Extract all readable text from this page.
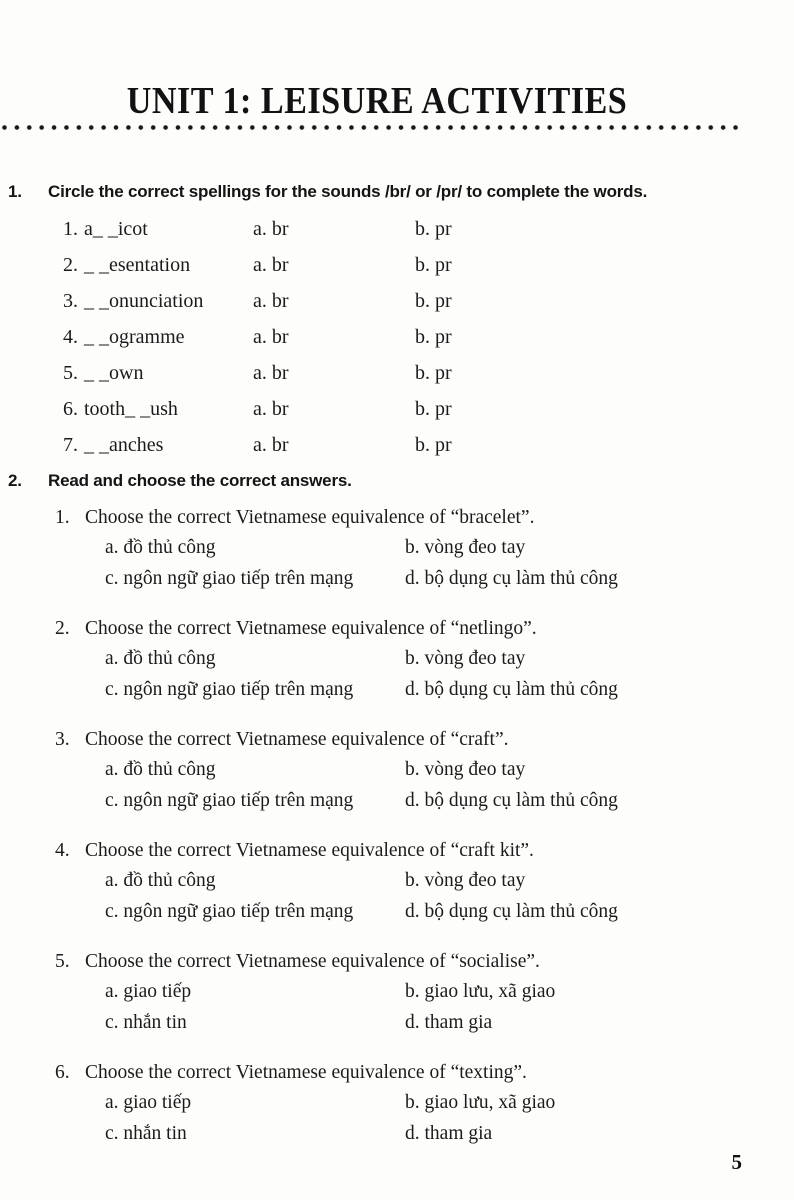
UNIT 1: LEISURE ACTIVITIES
1.	Circle the correct spellings for the sounds /br/ or /pr/ to complete the words.
1. a_ _icot	a. br	b. pr
2. _ _esentation	a. br	b. pr
3. _ _onunciation	a. br	b. pr
4. _ _ogramme	a. br	b. pr
5. _ _own	a. br	b. pr
6. tooth_ _ush	a. br	b. pr
7. _ _anches	a. br	b. pr
2.	Read and choose the correct answers.
1. Choose the correct Vietnamese equivalence of “bracelet”.
a. đồ thủ công	b. vòng đeo tay
c. ngôn ngữ giao tiếp trên mạng	d. bộ dụng cụ làm thủ công
2. Choose the correct Vietnamese equivalence of “netlingo”.
a. đồ thủ công	b. vòng đeo tay
c. ngôn ngữ giao tiếp trên mạng	d. bộ dụng cụ làm thủ công
3. Choose the correct Vietnamese equivalence of “craft”.
a. đồ thủ công	b. vòng đeo tay
c. ngôn ngữ giao tiếp trên mạng	d. bộ dụng cụ làm thủ công
4. Choose the correct Vietnamese equivalence of “craft kit”.
a. đồ thủ công	b. vòng đeo tay
c. ngôn ngữ giao tiếp trên mạng	d. bộ dụng cụ làm thủ công
5. Choose the correct Vietnamese equivalence of “socialise”.
a. giao tiếp	b. giao lưu, xã giao
c. nhắn tin	d. tham gia
6. Choose the correct Vietnamese equivalence of “texting”.
a. giao tiếp	b. giao lưu, xã giao
c. nhắn tin	d. tham gia
5
